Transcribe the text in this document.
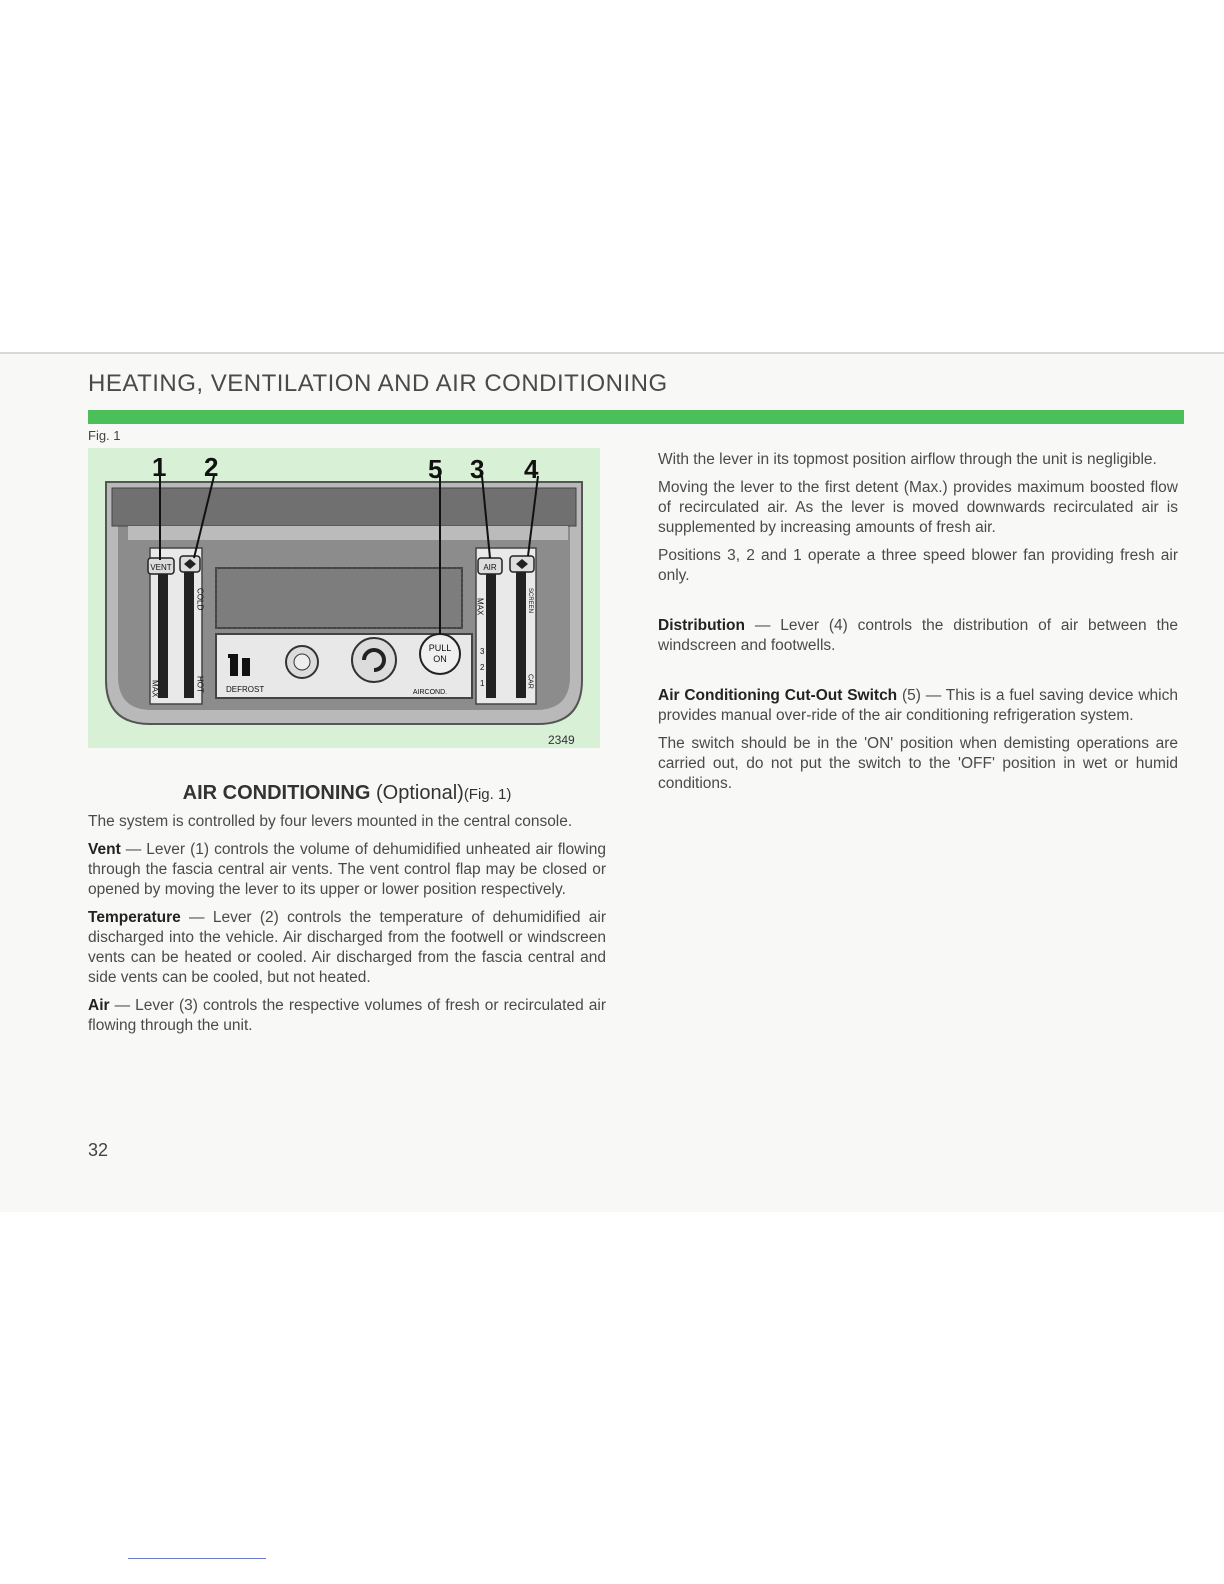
HEATING, VENTILATION AND AIR CONDITIONING
Fig. 1
VENT
MAX	HOT
COLD
AIR
MAX	SCREEN
CAR
3
2
1
DEFROST
PULL
ON
AIRCOND.
1 2	5 3 4
2349
AIR CONDITIONING (Optional)(Fig. 1)

The system is controlled by four levers mounted in the central console.

Vent — Lever (1) controls the volume of dehumidified unheated air flowing through the fascia central air vents. The vent control flap may be closed or opened by moving the lever to its upper or lower position respectively.

Temperature — Lever (2) controls the temperature of dehumidified air discharged into the vehicle. Air discharged from the footwell or windscreen vents can be heated or cooled. Air discharged from the fascia central and side vents can be cooled, but not heated.

Air — Lever (3) controls the respective volumes of fresh or recirculated air flowing through the unit.

With the lever in its topmost position airflow through the unit is negligible.

Moving the lever to the first detent (Max.) provides maximum boosted flow of recirculated air. As the lever is moved downwards recirculated air is supplemented by increasing amounts of fresh air.

Positions 3, 2 and 1 operate a three speed blower fan providing fresh air only.

Distribution — Lever (4) controls the distribution of air between the windscreen and footwells.

Air Conditioning Cut-Out Switch (5) — This is a fuel saving device which provides manual over-ride of the air conditioning refrigeration system.

The switch should be in the 'ON' position when demisting operations are carried out, do not put the switch to the 'OFF' position in wet or humid conditions.

32
